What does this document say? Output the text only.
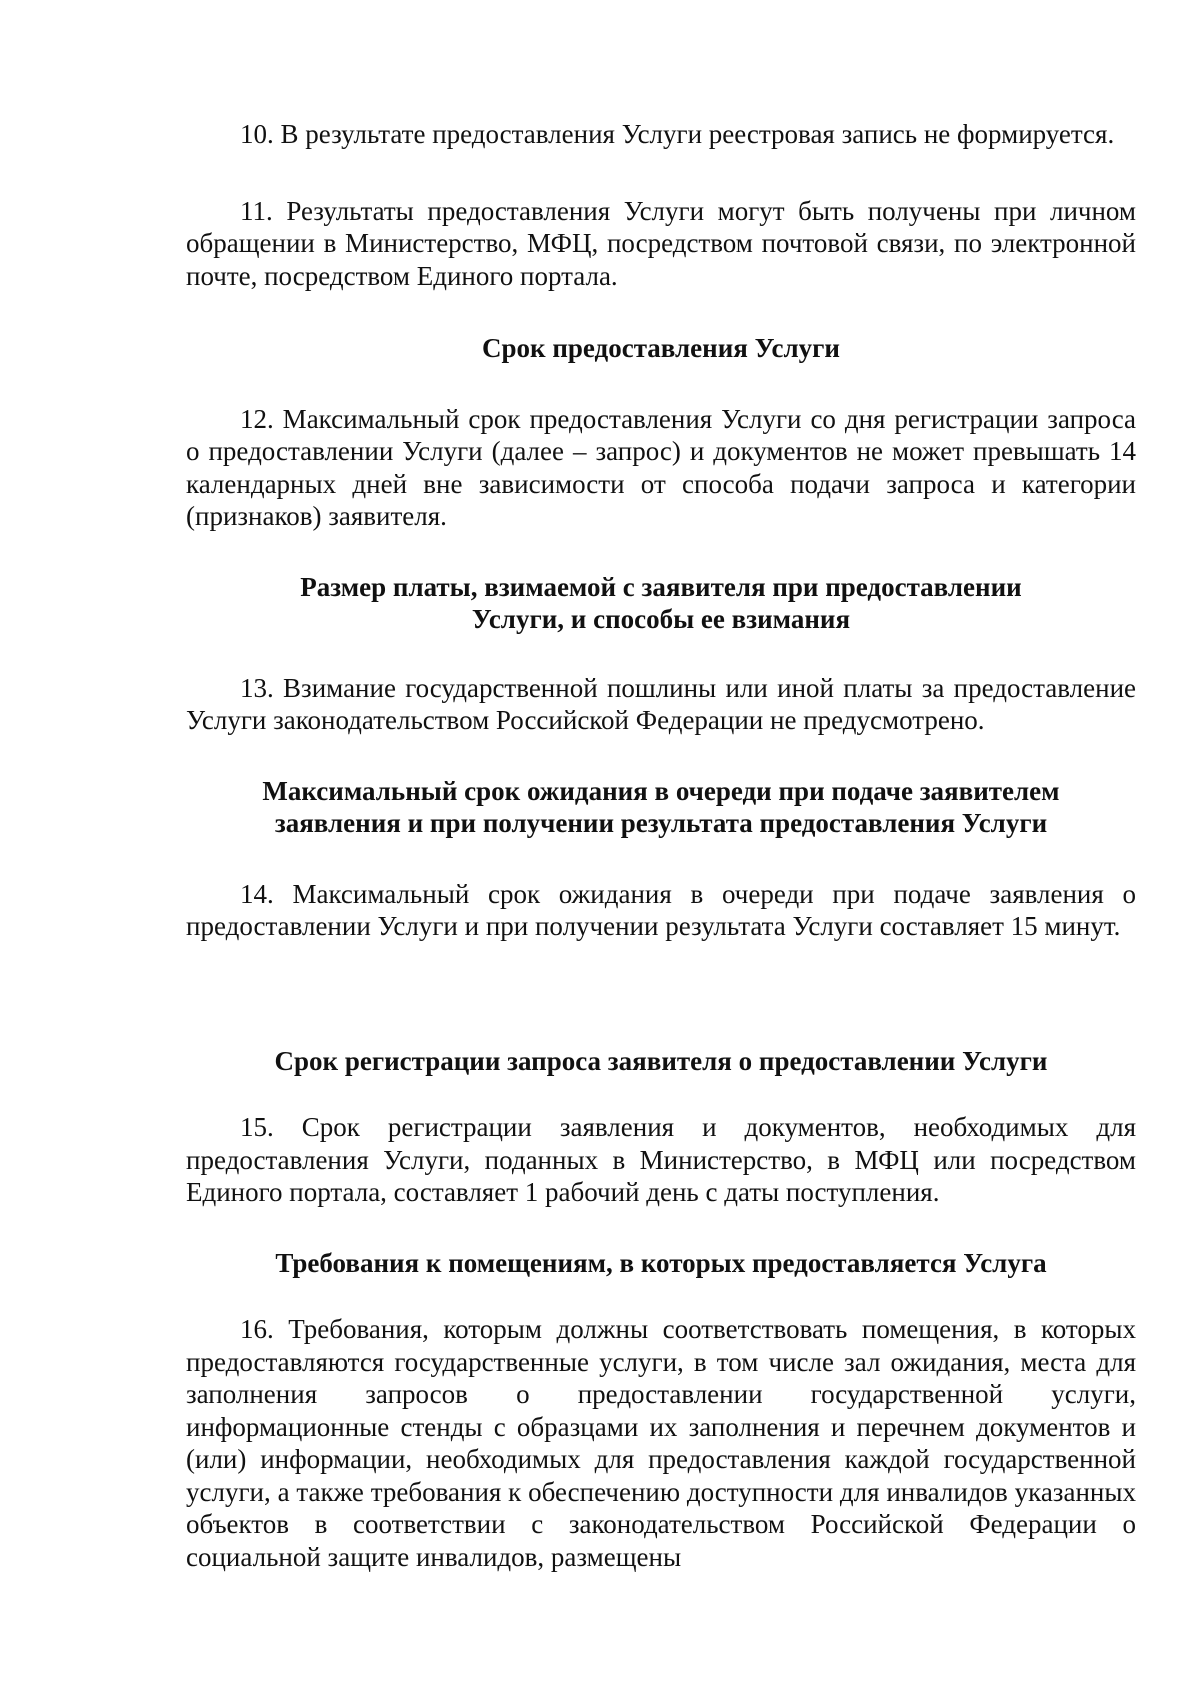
10. В результате предоставления Услуги реестровая запись не формируется.

11. Результаты предоставления Услуги могут быть получены при личном обращении в Министерство, МФЦ, посредством почтовой связи, по электронной почте, посредством Единого портала.

Срок предоставления Услуги

12. Максимальный срок предоставления Услуги со дня регистрации запроса о предоставлении Услуги (далее – запрос) и документов не может превышать 14 календарных дней вне зависимости от способа подачи запроса и категории (признаков) заявителя.

Размер платы, взимаемой с заявителя при предоставлении
Услуги, и способы ее взимания

13. Взимание государственной пошлины или иной платы за предоставление Услуги законодательством Российской Федерации не предусмотрено.

Максимальный срок ожидания в очереди при подаче заявителем
заявления и при получении результата предоставления Услуги

14. Максимальный срок ожидания в очереди при подаче заявления о предоставлении Услуги и при получении результата Услуги составляет 15 минут.

Срок регистрации запроса заявителя о предоставлении Услуги

15. Срок регистрации заявления и документов, необходимых для предоставления Услуги, поданных в Министерство, в МФЦ или посредством Единого портала, составляет 1 рабочий день с даты поступления.

Требования к помещениям, в которых предоставляется Услуга

16. Требования, которым должны соответствовать помещения, в которых предоставляются государственные услуги, в том числе зал ожидания, места для заполнения запросов о предоставлении государственной услуги, информационные стенды с образцами их заполнения и перечнем документов и (или) информации, необходимых для предоставления каждой государственной услуги, а также требования к обеспечению доступности для инвалидов указанных объектов в соответствии с законодательством Российской Федерации о социальной защите инвалидов, размещены
